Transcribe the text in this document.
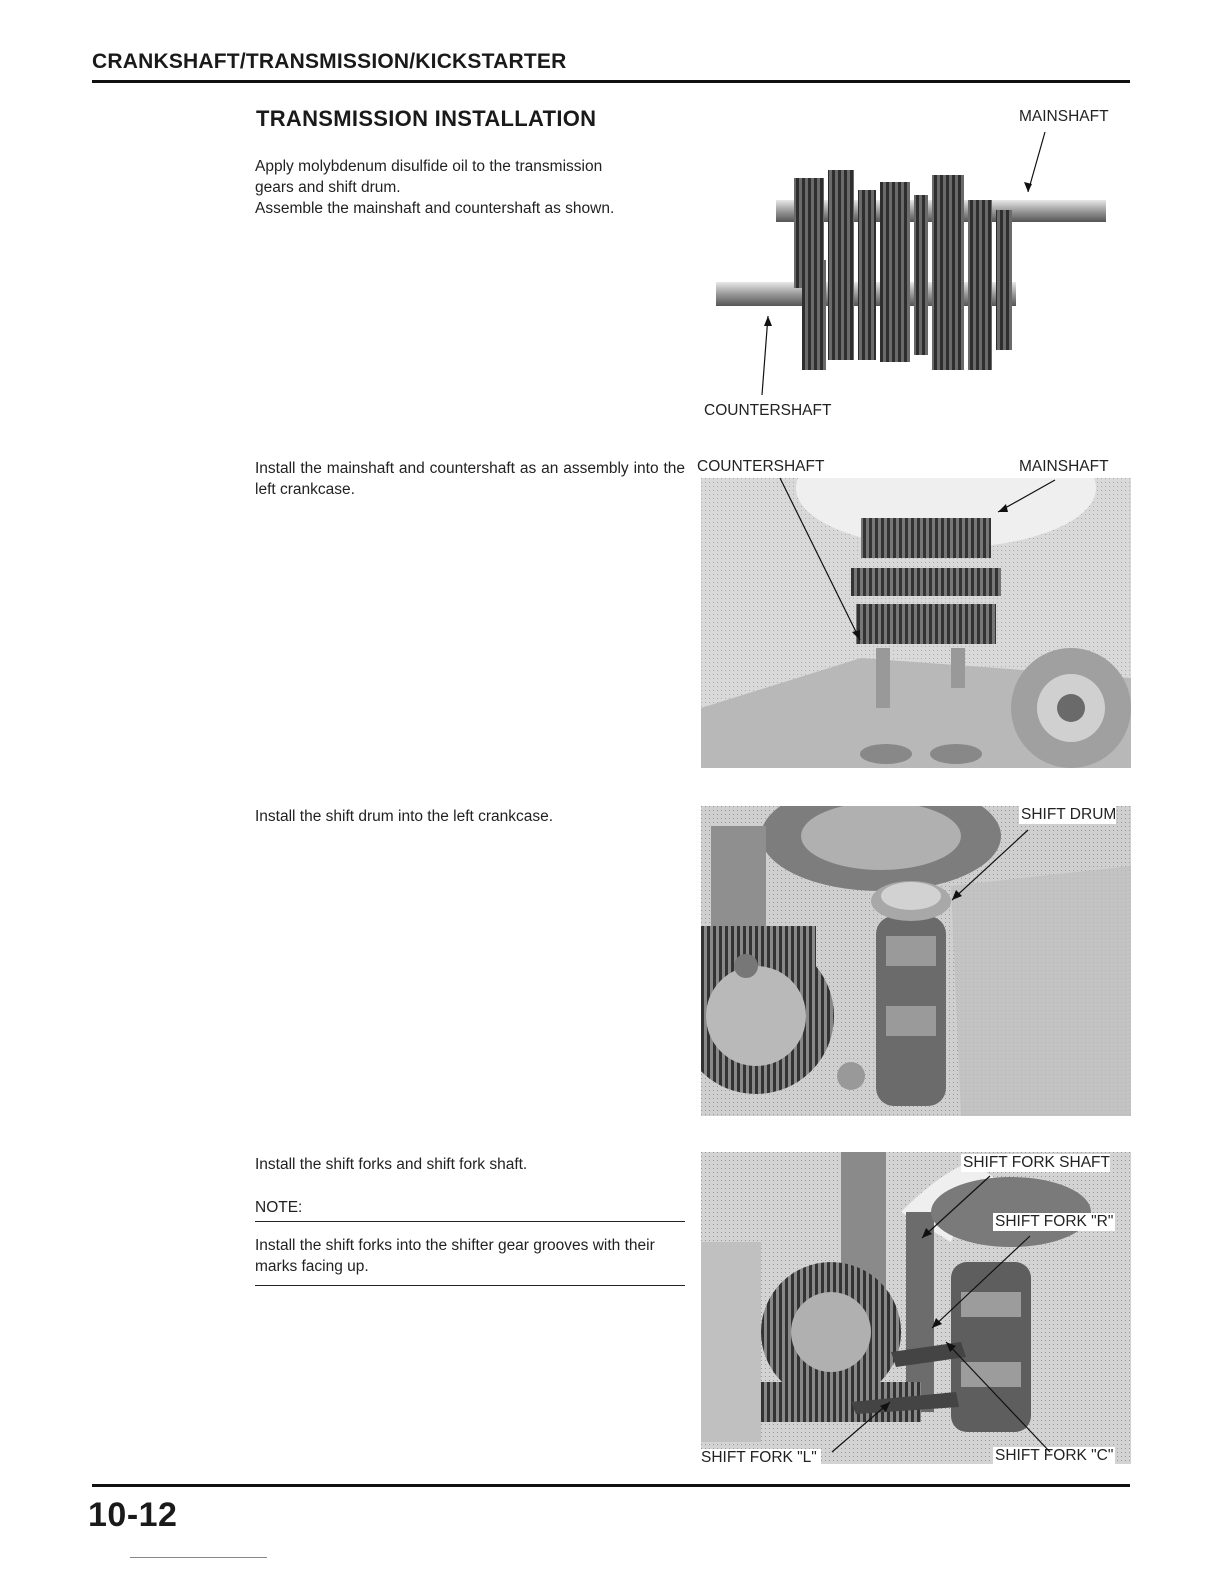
CRANKSHAFT/TRANSMISSION/KICKSTARTER
TRANSMISSION INSTALLATION
Apply molybdenum disulfide oil to the transmission
gears and shift drum.
Assemble the mainshaft and countershaft as shown.
MAINSHAFT
COUNTERSHAFT
Install the mainshaft and countershaft as an assembly into the left crankcase.
COUNTERSHAFT	MAINSHAFT
Install the shift drum into the left crankcase.	SHIFT DRUM
Install the shift forks and shift fork shaft.
NOTE:
Install the shift forks into the shifter gear grooves with their marks facing up.
SHIFT FORK SHAFT
SHIFT FORK "R"
SHIFT FORK "L"	SHIFT FORK "C"
10-12
